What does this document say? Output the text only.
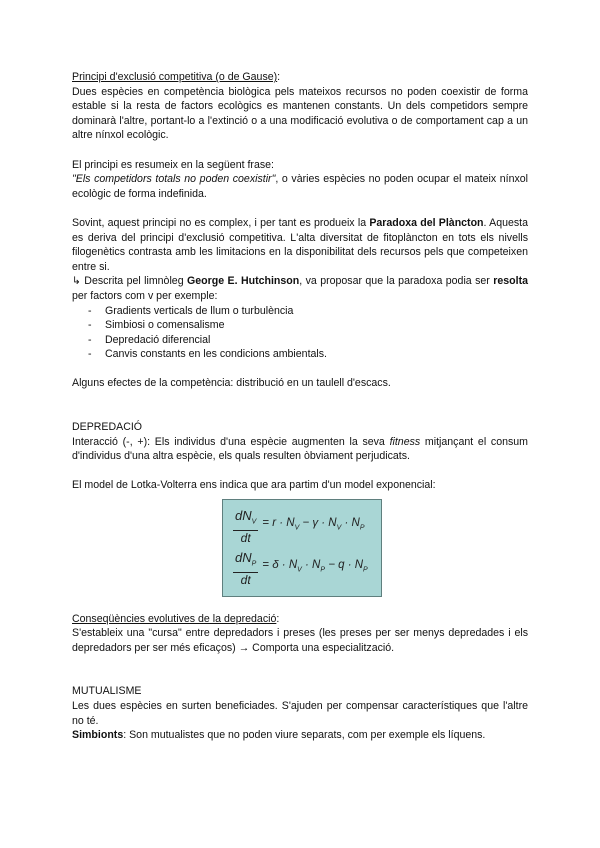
Principi d'exclusió competitiva (o de Gause):

Dues espècies en competència biològica pels mateixos recursos no poden coexistir de forma estable si la resta de factors ecològics es mantenen constants. Un dels competidors sempre dominarà l'altre, portant-lo a l'extinció o a una modificació evolutiva o de comportament cap a un altre nínxol ecològic.

El principi es resumeix en la següent frase:

"Els competidors totals no poden coexistir", o vàries espècies no poden ocupar el mateix nínxol ecològic de forma indefinida.

Sovint, aquest principi no es complex, i per tant es produeix la Paradoxa del Plàncton. Aquesta es deriva del principi d'exclusió competitiva. L'alta diversitat de fitoplàncton en tots els nivells filogenètics contrasta amb les limitacions en la disponibilitat dels recursos pels que competeixen entre si.

↳ Descrita pel limnòleg George E. Hutchinson, va proposar que la paradoxa podia ser resolta per factors com v per exemple:

- Gradients verticals de llum o turbulència
- Simbiosi o comensalisme
- Depredació diferencial
- Canvis constants en les condicions ambientals.

Alguns efectes de la competència: distribució en un taulell d'escacs.

DEPREDACIÓ

Interacció (-, +): Els individus d'una espècie augmenten la seva fitness mitjançant el consum d'individus d'una altra espècie, els quals resulten òbviament perjudicats.

El model de Lotka-Volterra ens indica que ara partim d'un model exponencial:

$\frac{dN_V}{dt} = r \cdot N_V - \gamma \cdot N_V \cdot N_P$
$\frac{dN_P}{dt} = \delta \cdot N_V \cdot N_P - q \cdot N_P$

Conseqüències evolutives de la depredació:

S'estableix una "cursa" entre depredadors i preses (les preses per ser menys depredades i els depredadors per ser més eficaços) → Comporta una especialització.

MUTUALISME

Les dues espècies en surten beneficiades. S'ajuden per compensar característiques que l'altre no té.

Simbionts: Son mutualistes que no poden viure separats, com per exemple els líquens.
